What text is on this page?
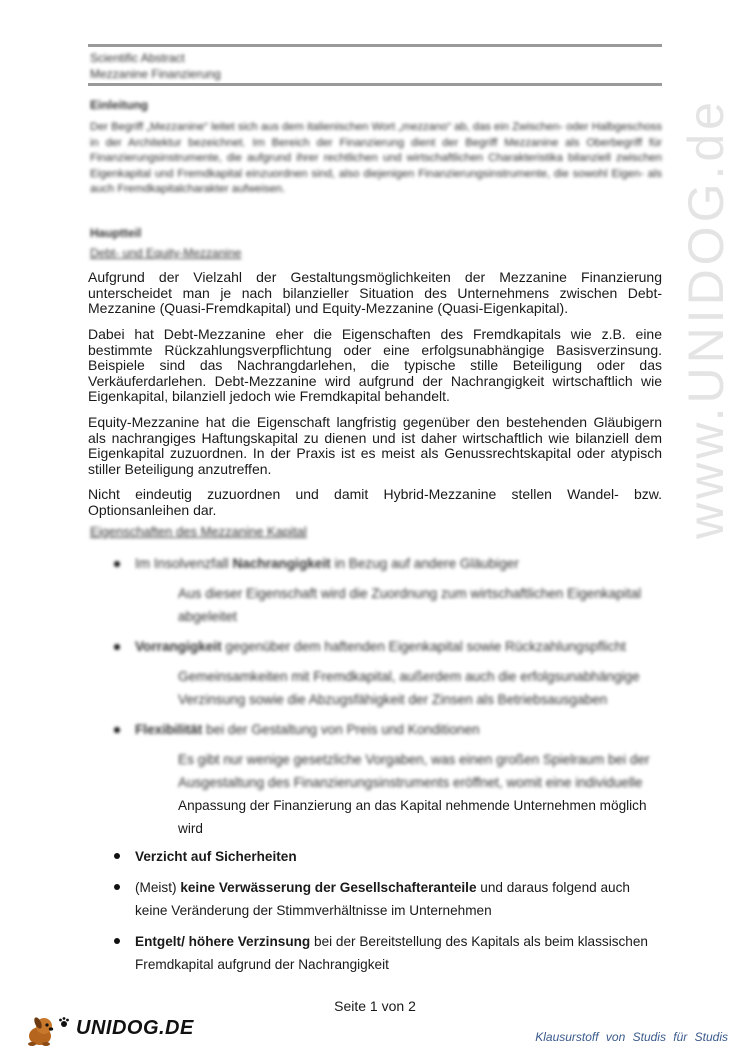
www.UNIDOG.de
Scientific Abstract
Mezzanine Finanzierung
Einleitung
Der Begriff „Mezzanine“ leitet sich aus dem italienischen Wort „mezzano“ ab, das ein Zwischen- oder Halbgeschoss in der Architektur bezeichnet. Im Bereich der Finanzierung dient der Begriff Mezzanine als Oberbegriff für Finanzierungsinstrumente, die aufgrund ihrer rechtlichen und wirtschaftlichen Charakteristika bilanziell zwischen Eigenkapital und Fremdkapital einzuordnen sind, also diejenigen Finanzierungsinstrumente, die sowohl Eigen- als auch Fremdkapitalcharakter aufweisen.
Hauptteil
Debt- und Equity-Mezzanine
Aufgrund der Vielzahl der Gestaltungsmöglichkeiten der Mezzanine Finanzierung unterscheidet man je nach bilanzieller Situation des Unternehmens zwischen Debt-Mezzanine (Quasi-Fremdkapital) und Equity-Mezzanine (Quasi-Eigenkapital).
Dabei hat Debt-Mezzanine eher die Eigenschaften des Fremdkapitals wie z.B. eine bestimmte Rückzahlungsverpflichtung oder eine erfolgsunabhängige Basisverzinsung. Beispiele sind das Nachrangdarlehen, die typische stille Beteiligung oder das Verkäuferdarlehen. Debt-Mezzanine wird aufgrund der Nachrangigkeit wirtschaftlich wie Eigenkapital, bilanziell jedoch wie Fremdkapital behandelt.
Equity-Mezzanine hat die Eigenschaft langfristig gegenüber den bestehenden Gläubigern als nachrangiges Haftungskapital zu dienen und ist daher wirtschaftlich wie bilanziell dem Eigenkapital zuzuordnen. In der Praxis ist es meist als Genussrechtskapital oder atypisch stiller Beteiligung anzutreffen.
Nicht eindeutig zuzuordnen und damit Hybrid-Mezzanine stellen Wandel- bzw. Optionsanleihen dar.
Eigenschaften des Mezzanine Kapital
Im Insolvenzfall Nachrangigkeit in Bezug auf andere Gläubiger
Aus dieser Eigenschaft wird die Zuordnung zum wirtschaftlichen Eigenkapital abgeleitet
Vorrangigkeit gegenüber dem haftenden Eigenkapital sowie Rückzahlungspflicht
Gemeinsamkeiten mit Fremdkapital, außerdem auch die erfolgsunabhängige Verzinsung sowie die Abzugsfähigkeit der Zinsen als Betriebsausgaben
Flexibilität bei der Gestaltung von Preis und Konditionen
Es gibt nur wenige gesetzliche Vorgaben, was einen großen Spielraum bei der Ausgestaltung des Finanzierungsinstruments eröffnet, womit eine individuelle
Anpassung der Finanzierung an das Kapital nehmende Unternehmen möglich wird
Verzicht auf Sicherheiten
(Meist) keine Verwässerung der Gesellschafteranteile und daraus folgend auch keine Veränderung der Stimmverhältnisse im Unternehmen
Entgelt/ höhere Verzinsung bei der Bereitstellung des Kapitals als beim klassischen Fremdkapital aufgrund der Nachrangigkeit
Seite 1 von 2
UNIDOG.DE	Klausurstoff von Studis für Studis
